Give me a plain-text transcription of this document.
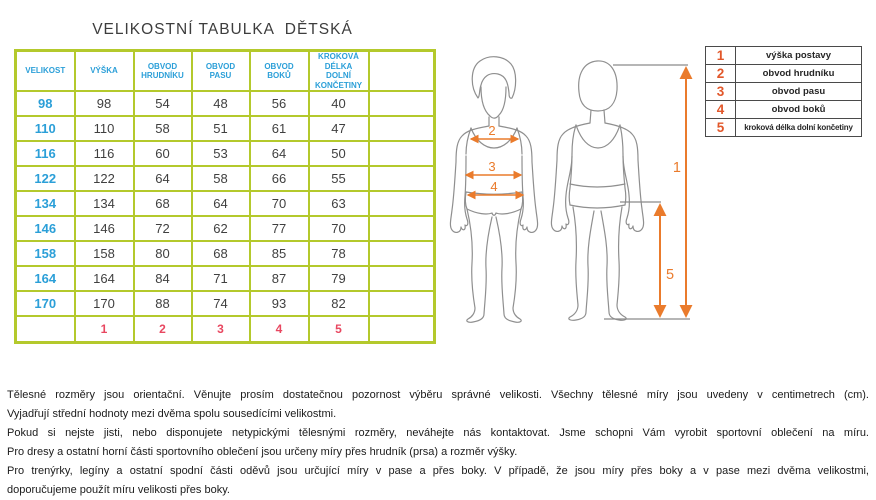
VELIKOSTNÍ TABULKA  DĚTSKÁ
VELIKOST	VÝŠKA	OBVOD HRUDNÍKU	OBVOD PASU	OBVOD BOKŮ	KROKOVÁ DÉLKA DOLNÍ KONČETINY	
98	98	54	48	56	40	
110	110	58	51	61	47	
116	116	60	53	64	50	
122	122	64	58	66	55	
134	134	68	64	70	63	
146	146	72	62	77	70	
158	158	80	68	85	78	
164	164	84	71	87	79	
170	170	88	74	93	82	
	1	2	3	4	5	
1	výška postavy
2	obvod hrudníku
3	obvod pasu
4	obvod boků
5	kroková délka dolní končetiny
2
3
4
1
5
Tělesné rozměry jsou orientační. Věnujte prosím dostatečnou pozornost výběru správné velikosti. Všechny tělesné míry jsou uvedeny v centimetrech (cm).
Vyjadřují střední hodnoty mezi dvěma spolu sousedícími velikostmi.
Pokud si nejste jisti, nebo disponujete netypickými tělesnými rozměry, neváhejte nás kontaktovat. Jsme schopni Vám vyrobit sportovní oblečení na míru.
Pro dresy a ostatní horní části sportovního oblečení jsou určeny míry přes hrudník (prsa) a rozměr výšky.
Pro trenýrky, legíny a ostatní spodní části oděvů jsou určující míry v pase a přes boky. V případě, že jsou míry přes boky a v pase mezi dvěma velikostmi,
doporučujeme použít míru velikosti přes boky.
